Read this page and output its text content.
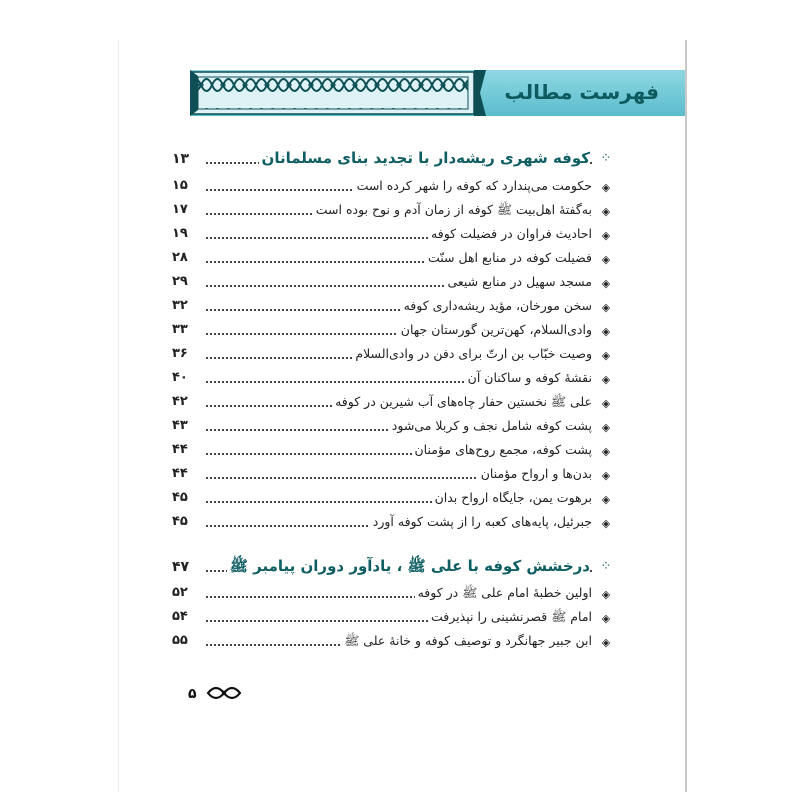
فهرست مطالب
⁘
کوفه شهری ریشه‌دار با تجدید بنای مسلمانان
۱۳
◈
حکومت می‌پندارد که کوفه را شهر کرده است
۱۵
◈
به‌گفتهٔ اهل‌بیت ﷺ کوفه از زمان آدم و نوح بوده است
۱۷
◈
احادیث فراوان در فضیلت کوفه
۱۹
◈
فضیلت کوفه در منابع اهل سنّت
۲۸
◈
مسجد سهیل در منابع شیعی
۲۹
◈
سخن مورخان، مؤید ریشه‌داری کوفه
۳۲
◈
وادی‌السلام، کهن‌ترین گورستان جهان
۳۳
◈
وصیت خبّاب بن ارتّ برای دفن در وادی‌السلام
۳۶
◈
نقشهٔ کوفه و ساکنان آن
۴۰
◈
علی ﷺ نخستین حفار چاه‌های آب شیرین در کوفه
۴۲
◈
پشت کوفه شامل نجف و کربلا می‌شود
۴۳
◈
پشت کوفه، مجمع روح‌های مؤمنان
۴۴
◈
بدن‌ها و ارواح مؤمنان
۴۴
◈
برهوت یمن، جایگاه ارواح بدان
۴۵
◈
جبرئیل، پایه‌های کعبه را از پشت کوفه آورد
۴۵
⁘
درخشش کوفه با علی ﷺ ، یادآور دوران پیامبر ﷺ
۴۷
◈
اولین خطبهٔ امام علی ﷺ در کوفه
۵۲
◈
امام ﷺ قصرنشینی را نپذیرفت
۵۴
◈
ابن جبیر جهانگرد و توصیف کوفه و خانهٔ علی ﷺ
۵۵
۵
